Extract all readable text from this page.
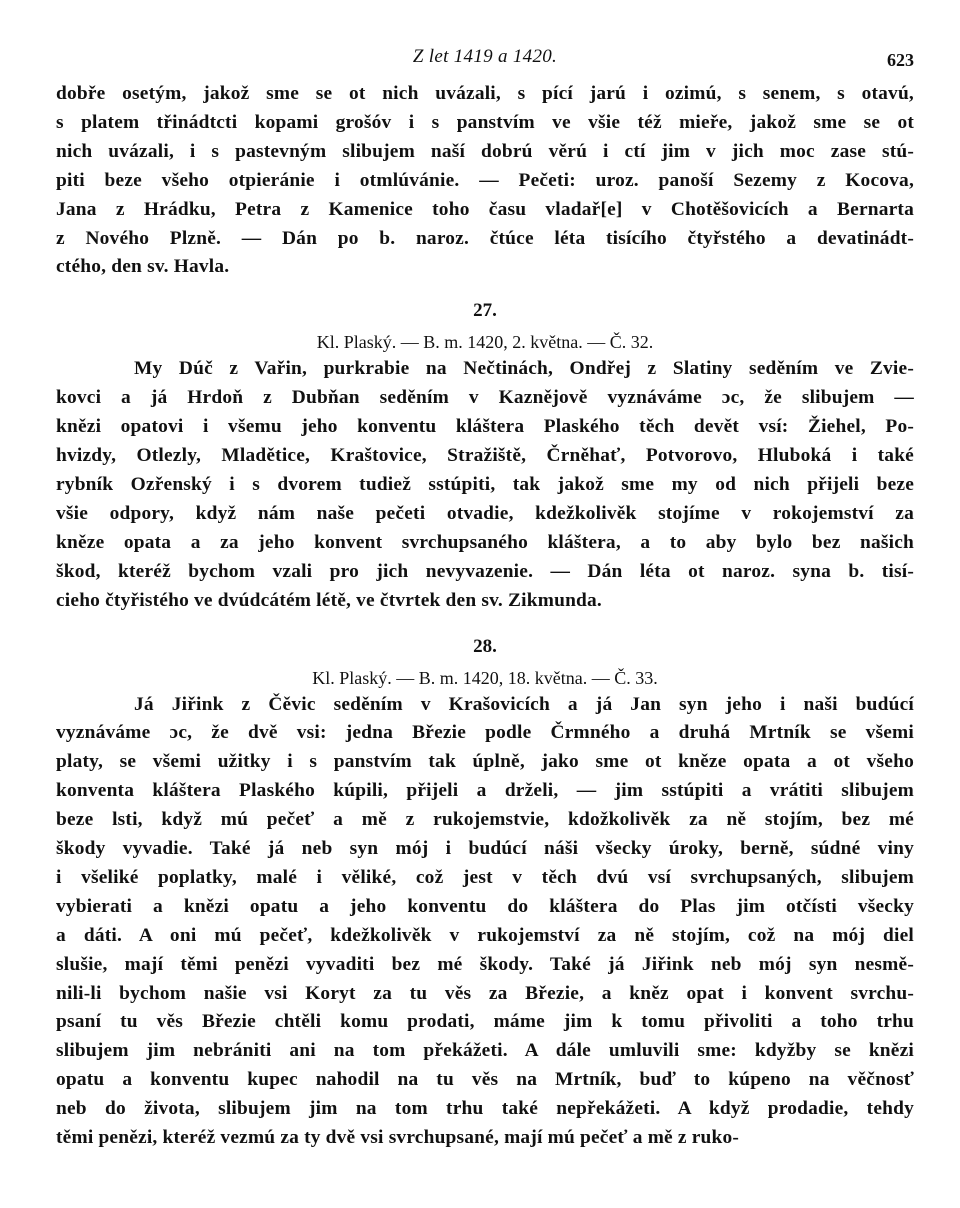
Z let 1419 a 1420.	623
dobře osetým, jakož sme se ot nich uvázali, s pící jarú i ozimú, s senem, s otavú,
s platem třinádtcti kopami grošóv i s panstvím ve všie též mieře, jakož sme se ot
nich uvázali, i s pastevným slibujem naší dobrú věrú i ctí jim v jich moc zase stú-
piti beze všeho otpieránie i otmlúvánie. — Pečeti: uroz. panoší Sezemy z Kocova,
Jana z Hrádku, Petra z Kamenice toho času vladař[e] v Chotěšovicích a Bernarta
z Nového Plzně. — Dán po b. naroz. čtúce léta tisícího čtyřstého a devatinádt-
ctého, den sv. Havla.
27.
Kl. Plaský. — B. m. 1420, 2. května. — Č. 32.
My Dúč z Vařin, purkrabie na Nečtinách, Ondřej z Slatiny seděním ve Zvie-
kovci a já Hrdoň z Dubňan seděním v Kaznějově vyznáváme ɔc, že slibujem —
knězi opatovi i všemu jeho konventu kláštera Plaského těch devět vsí: Žiehel, Po-
hvizdy, Otlezly, Mladětice, Kraštovice, Stražiště, Črněhať, Potvorovo, Hluboká i také
rybník Ozřenský i s dvorem tudiež sstúpiti, tak jakož sme my od nich přijeli beze
všie odpory, když nám naše pečeti otvadie, kdežkolivěk stojíme v rokojemství za
kněze opata a za jeho konvent svrchupsaného kláštera, a to aby bylo bez našich
škod, kteréž bychom vzali pro jich nevyvazenie. — Dán léta ot naroz. syna b. tisí-
cieho čtyřistého ve dvúdcátém létě, ve čtvrtek den sv. Zikmunda.
28.
Kl. Plaský. — B. m. 1420, 18. května. — Č. 33.
Já Jiřink z Čěvic seděním v Krašovicích a já Jan syn jeho i naši budúcí
vyznáváme ɔc, že dvě vsi: jedna Březie podle Črmného a druhá Mrtník se všemi
platy, se všemi užitky i s panstvím tak úplně, jako sme ot kněze opata a ot všeho
konventa kláštera Plaského kúpili, přijeli a drželi, — jim sstúpiti a vrátiti slibujem
beze lsti, když mú pečeť a mě z rukojemstvie, kdožkolivěk za ně stojím, bez mé
škody vyvadie. Také já neb syn mój i budúcí náši všecky úroky, berně, súdné viny
i všeliké poplatky, malé i věliké, což jest v těch dvú vsí svrchupsaných, slibujem
vybierati a knězi opatu a jeho konventu do kláštera do Plas jim otčísti všecky
a dáti. A oni mú pečeť, kdežkolivěk v rukojemství za ně stojím, což na mój diel
slušie, mají těmi penězi vyvaditi bez mé škody. Také já Jiřink neb mój syn nesmě-
nili-li bychom našie vsi Koryt za tu věs za Březie, a kněz opat i konvent svrchu-
psaní tu věs Březie chtěli komu prodati, máme jim k tomu přivoliti a toho trhu
slibujem jim nebrániti ani na tom překážeti. A dále umluvili sme: kdyžby se knězi
opatu a konventu kupec nahodil na tu věs na Mrtník, buď to kúpeno na věčnosť
neb do života, slibujem jim na tom trhu také nepřekážeti. A když prodadie, tehdy
těmi penězi, kteréž vezmú za ty dvě vsi svrchupsané, mají mú pečeť a mě z ruko-
